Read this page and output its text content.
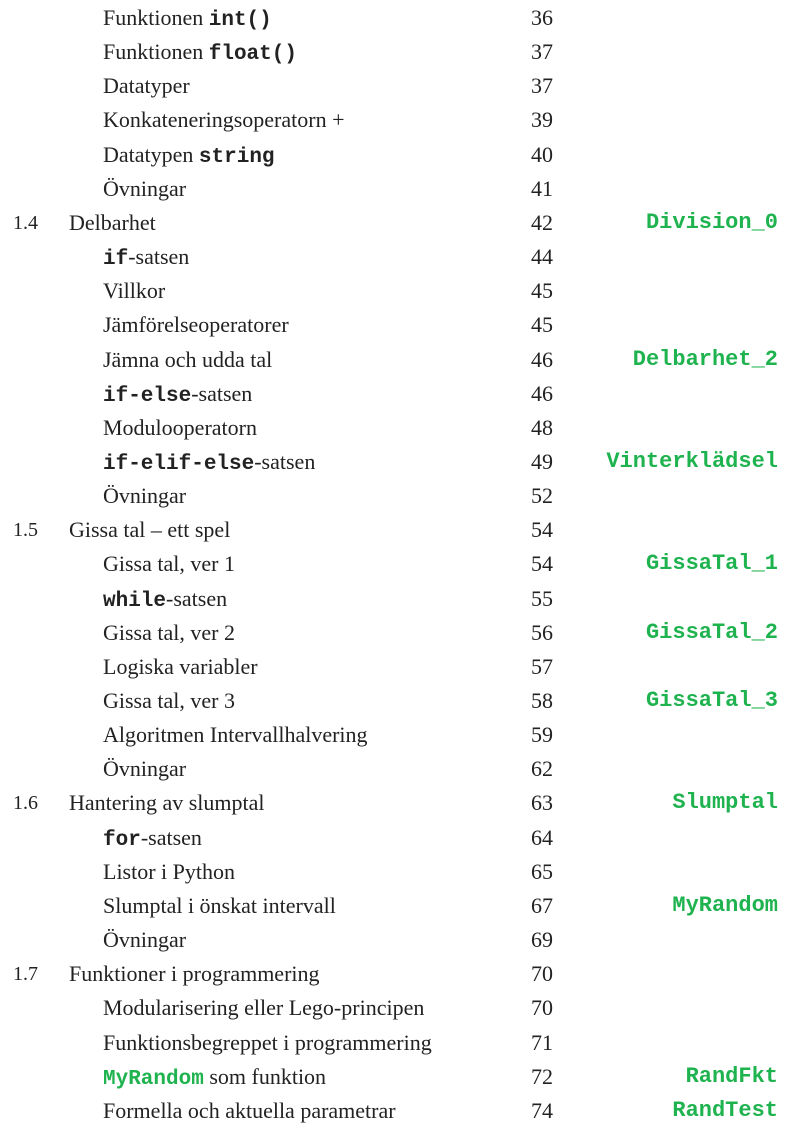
Funktionen int()	36
Funktionen float()	37
Datatyper	37
Konkateneringsoperatorn +	39
Datatypen string	40
Övningar	41
1.4 Delbarhet	42	Division_0
if-satsen	44
Villkor	45
Jämförelseoperatorer	45
Jämna och udda tal	46	Delbarhet_2
if-else-satsen	46
Modulooperatorn	48
if-elif-else-satsen	49 Vinterklädsel
Övningar	52
1.5 Gissa tal – ett spel	54
Gissa tal, ver 1	54	GissaTal_1
while-satsen	55
Gissa tal, ver 2	56	GissaTal_2
Logiska variabler	57
Gissa tal, ver 3	58	GissaTal_3
Algoritmen Intervallhalvering	59
Övningar	62
1.6 Hantering av slumptal	63	Slumptal
for-satsen	64
Listor i Python	65
Slumptal i önskat intervall	67	MyRandom
Övningar	69
1.7 Funktioner i programmering	70
Modularisering eller Lego-principen	70
Funktionsbegreppet i programmering	71
MyRandom som funktion	72	RandFkt
Formella och aktuella parametrar	74	RandTest
